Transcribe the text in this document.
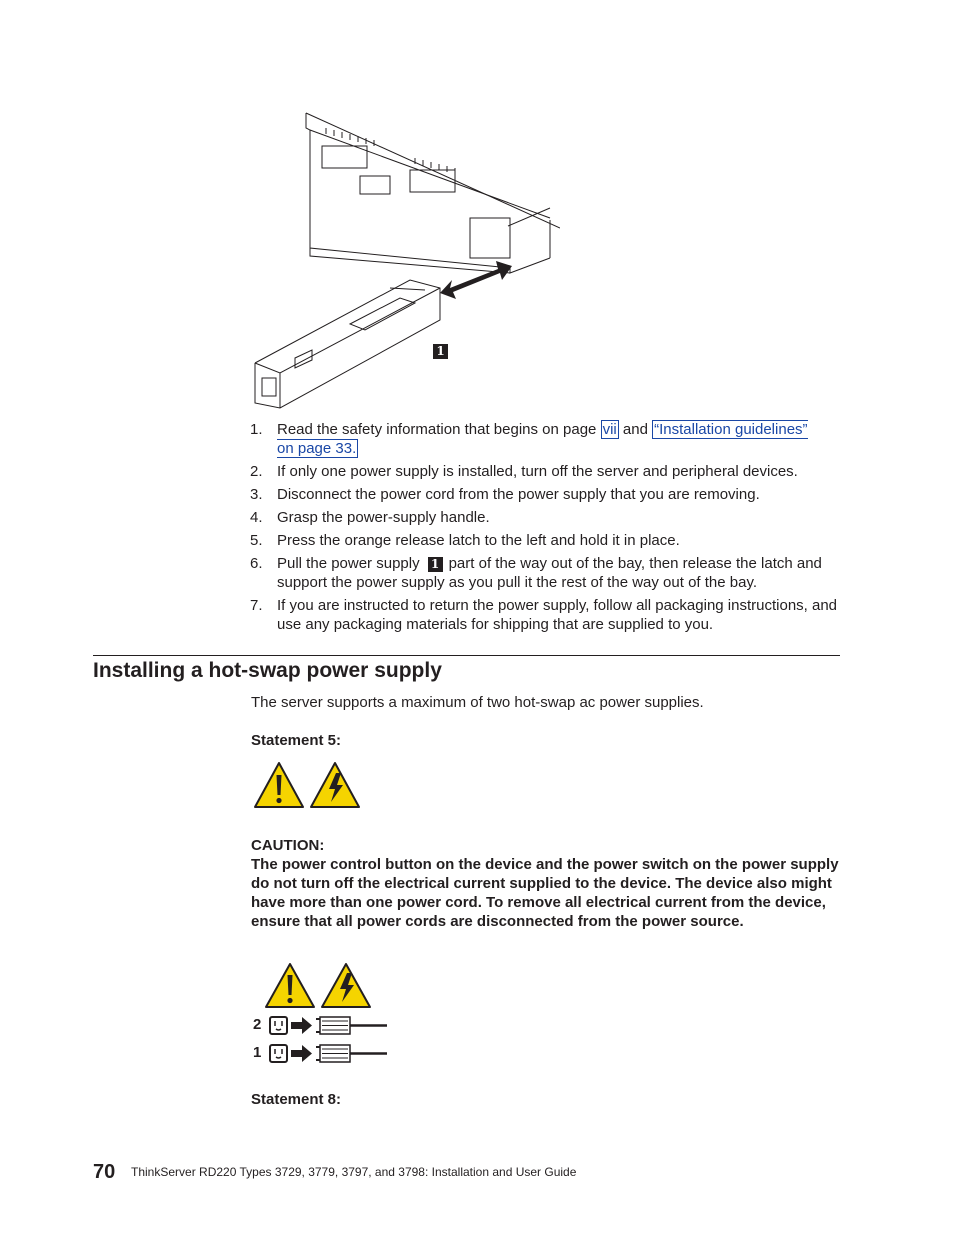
1
1. Read the safety information that begins on page vii and “Installation guidelines”
on page 33.
2. If only one power supply is installed, turn off the server and peripheral devices.
3. Disconnect the power cord from the power supply that you are removing.
4. Grasp the power-supply handle.
5. Press the orange release latch to the left and hold it in place.
6. Pull the power supply 1 part of the way out of the bay, then release the latch and support the power supply as you pull it the rest of the way out of the bay.
7. If you are instructed to return the power supply, follow all packaging instructions, and use any packaging materials for shipping that are supplied to you.
Installing a hot-swap power supply
The server supports a maximum of two hot-swap ac power supplies.
Statement 5:
CAUTION:
The power control button on the device and the power switch on the power supply do not turn off the electrical current supplied to the device. The device also might have more than one power cord. To remove all electrical current from the device, ensure that all power cords are disconnected from the power source.
2
1
Statement 8:
70 ThinkServer RD220 Types 3729, 3779, 3797, and 3798: Installation and User Guide
